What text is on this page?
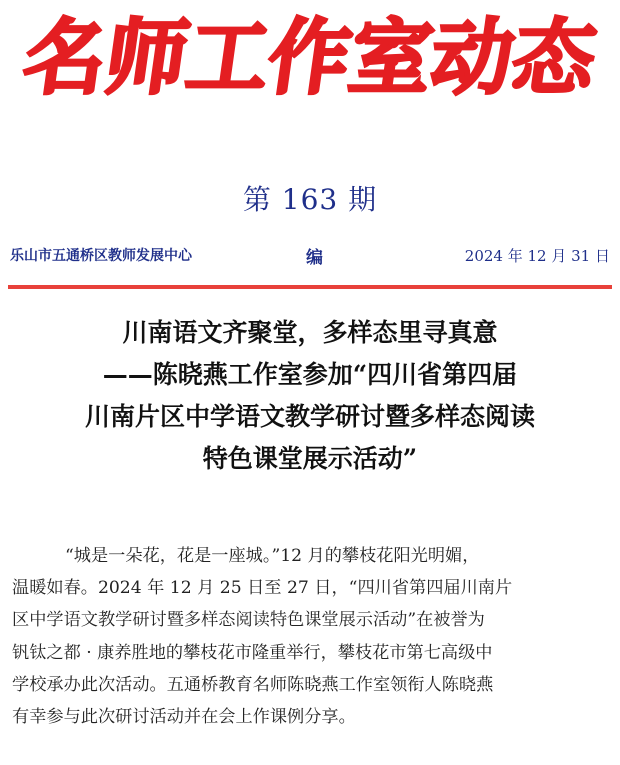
名师工作室动态
第 163 期
乐山市五通桥区教师发展中心	编	2024 年 12 月 31 日
川南语文齐聚堂，多样态里寻真意
——陈晓燕工作室参加“四川省第四届
川南片区中学语文教学研讨暨多样态阅读
特色课堂展示活动”
“城是一朵花，花是一座城。”12 月的攀枝花阳光明媚，
温暖如春。2024 年 12 月 25 日至 27 日，“四川省第四届川南片
区中学语文教学研讨暨多样态阅读特色课堂展示活动”在被誉为
钒钛之都 · 康养胜地的攀枝花市隆重举行，攀枝花市第七高级中
学校承办此次活动。五通桥教育名师陈晓燕工作室领衔人陈晓燕
有幸参与此次研讨活动并在会上作课例分享。
